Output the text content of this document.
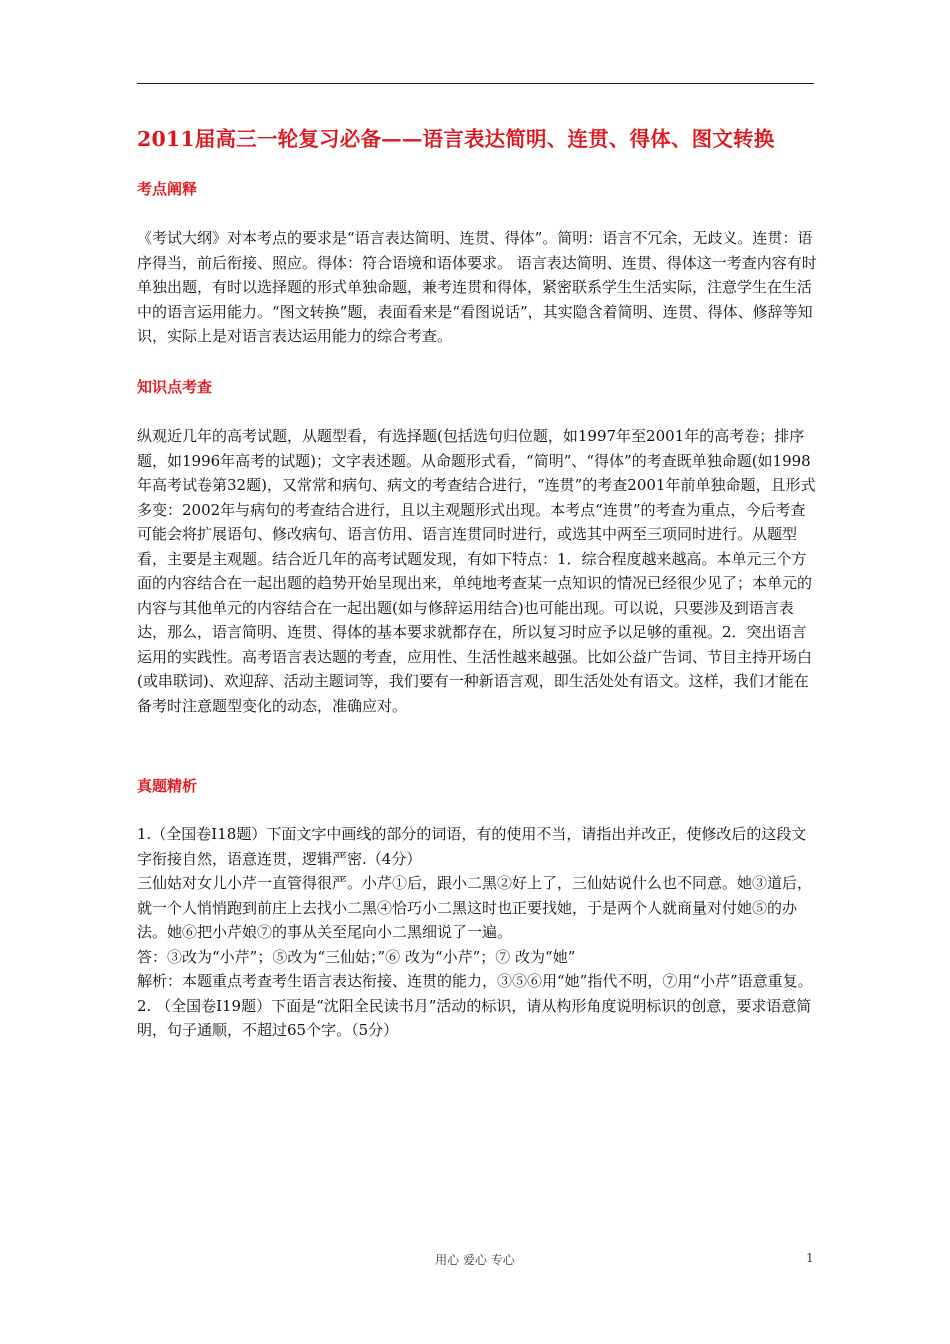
2011届高三一轮复习必备——语言表达简明、连贯、得体、图文转换
考点阐释

《考试大纲》对本考点的要求是“语言表达简明、连贯、得体”。简明：语言不冗余，无歧义。连贯：语序得当，前后衔接、照应。得体：符合语境和语体要求。 语言表达简明、连贯、得体这一考查内容有时单独出题，有时以选择题的形式单独命题，兼考连贯和得体，紧密联系学生生活实际，注意学生在生活中的语言运用能力。“图文转换”题，表面看来是“看图说话”，其实隐含着简明、连贯、得体、修辞等知识，实际上是对语言表达运用能力的综合考查。

知识点考查

纵观近几年的高考试题，从题型看，有选择题(包括选句归位题，如1997年至2001年的高考卷；排序题，如1996年高考的试题)；文字表述题。从命题形式看，“简明”、“得体”的考查既单独命题(如1998年高考试卷第32题)，又常常和病句、病文的考查结合进行，“连贯”的考查2001年前单独命题，且形式多变：2002年与病句的考查结合进行，且以主观题形式出现。本考点“连贯”的考查为重点，今后考查可能会将扩展语句、修改病句、语言仿用、语言连贯同时进行，或选其中两至三项同时进行。从题型看，主要是主观题。结合近几年的高考试题发现，有如下特点：1．综合程度越来越高。本单元三个方面的内容结合在一起出题的趋势开始呈现出来，单纯地考查某一点知识的情况已经很少见了；本单元的内容与其他单元的内容结合在一起出题(如与修辞运用结合)也可能出现。可以说，只要涉及到语言表达，那么，语言简明、连贯、得体的基本要求就都存在，所以复习时应予以足够的重视。2．突出语言运用的实践性。高考语言表达题的考查，应用性、生活性越来越强。比如公益广告词、节目主持开场白(或串联词)、欢迎辞、活动主题词等，我们要有一种新语言观，即生活处处有语文。这样，我们才能在备考时注意题型变化的动态，准确应对。

真题精析

1.（全国卷Ⅰ18题）下面文字中画线的部分的词语，有的使用不当，请指出并改正，使修改后的这段文字衔接自然，语意连贯，逻辑严密.（4分）

三仙姑对女儿小芹一直管得很严。小芹①后，跟小二黑②好上了，三仙姑说什么也不同意。她③道后，就一个人悄悄跑到前庄上去找小二黑④恰巧小二黑这时也正要找她，于是两个人就商量对付她⑤的办法。她⑥把小芹娘⑦的事从关至尾向小二黑细说了一遍。

答：③改为“小芹”；⑤改为“三仙姑；”⑥ 改为“小芹”；⑦ 改为“她”

解析：本题重点考查考生语言表达衔接、连贯的能力，③⑤⑥用“她”指代不明，⑦用“小芹”语意重复。

2. （全国卷Ⅰ19题）下面是“沈阳全民读书月”活动的标识，请从构形角度说明标识的创意，要求语意简明，句子通顺，不超过65个字。（5分）

用心 爱心 专心	1
